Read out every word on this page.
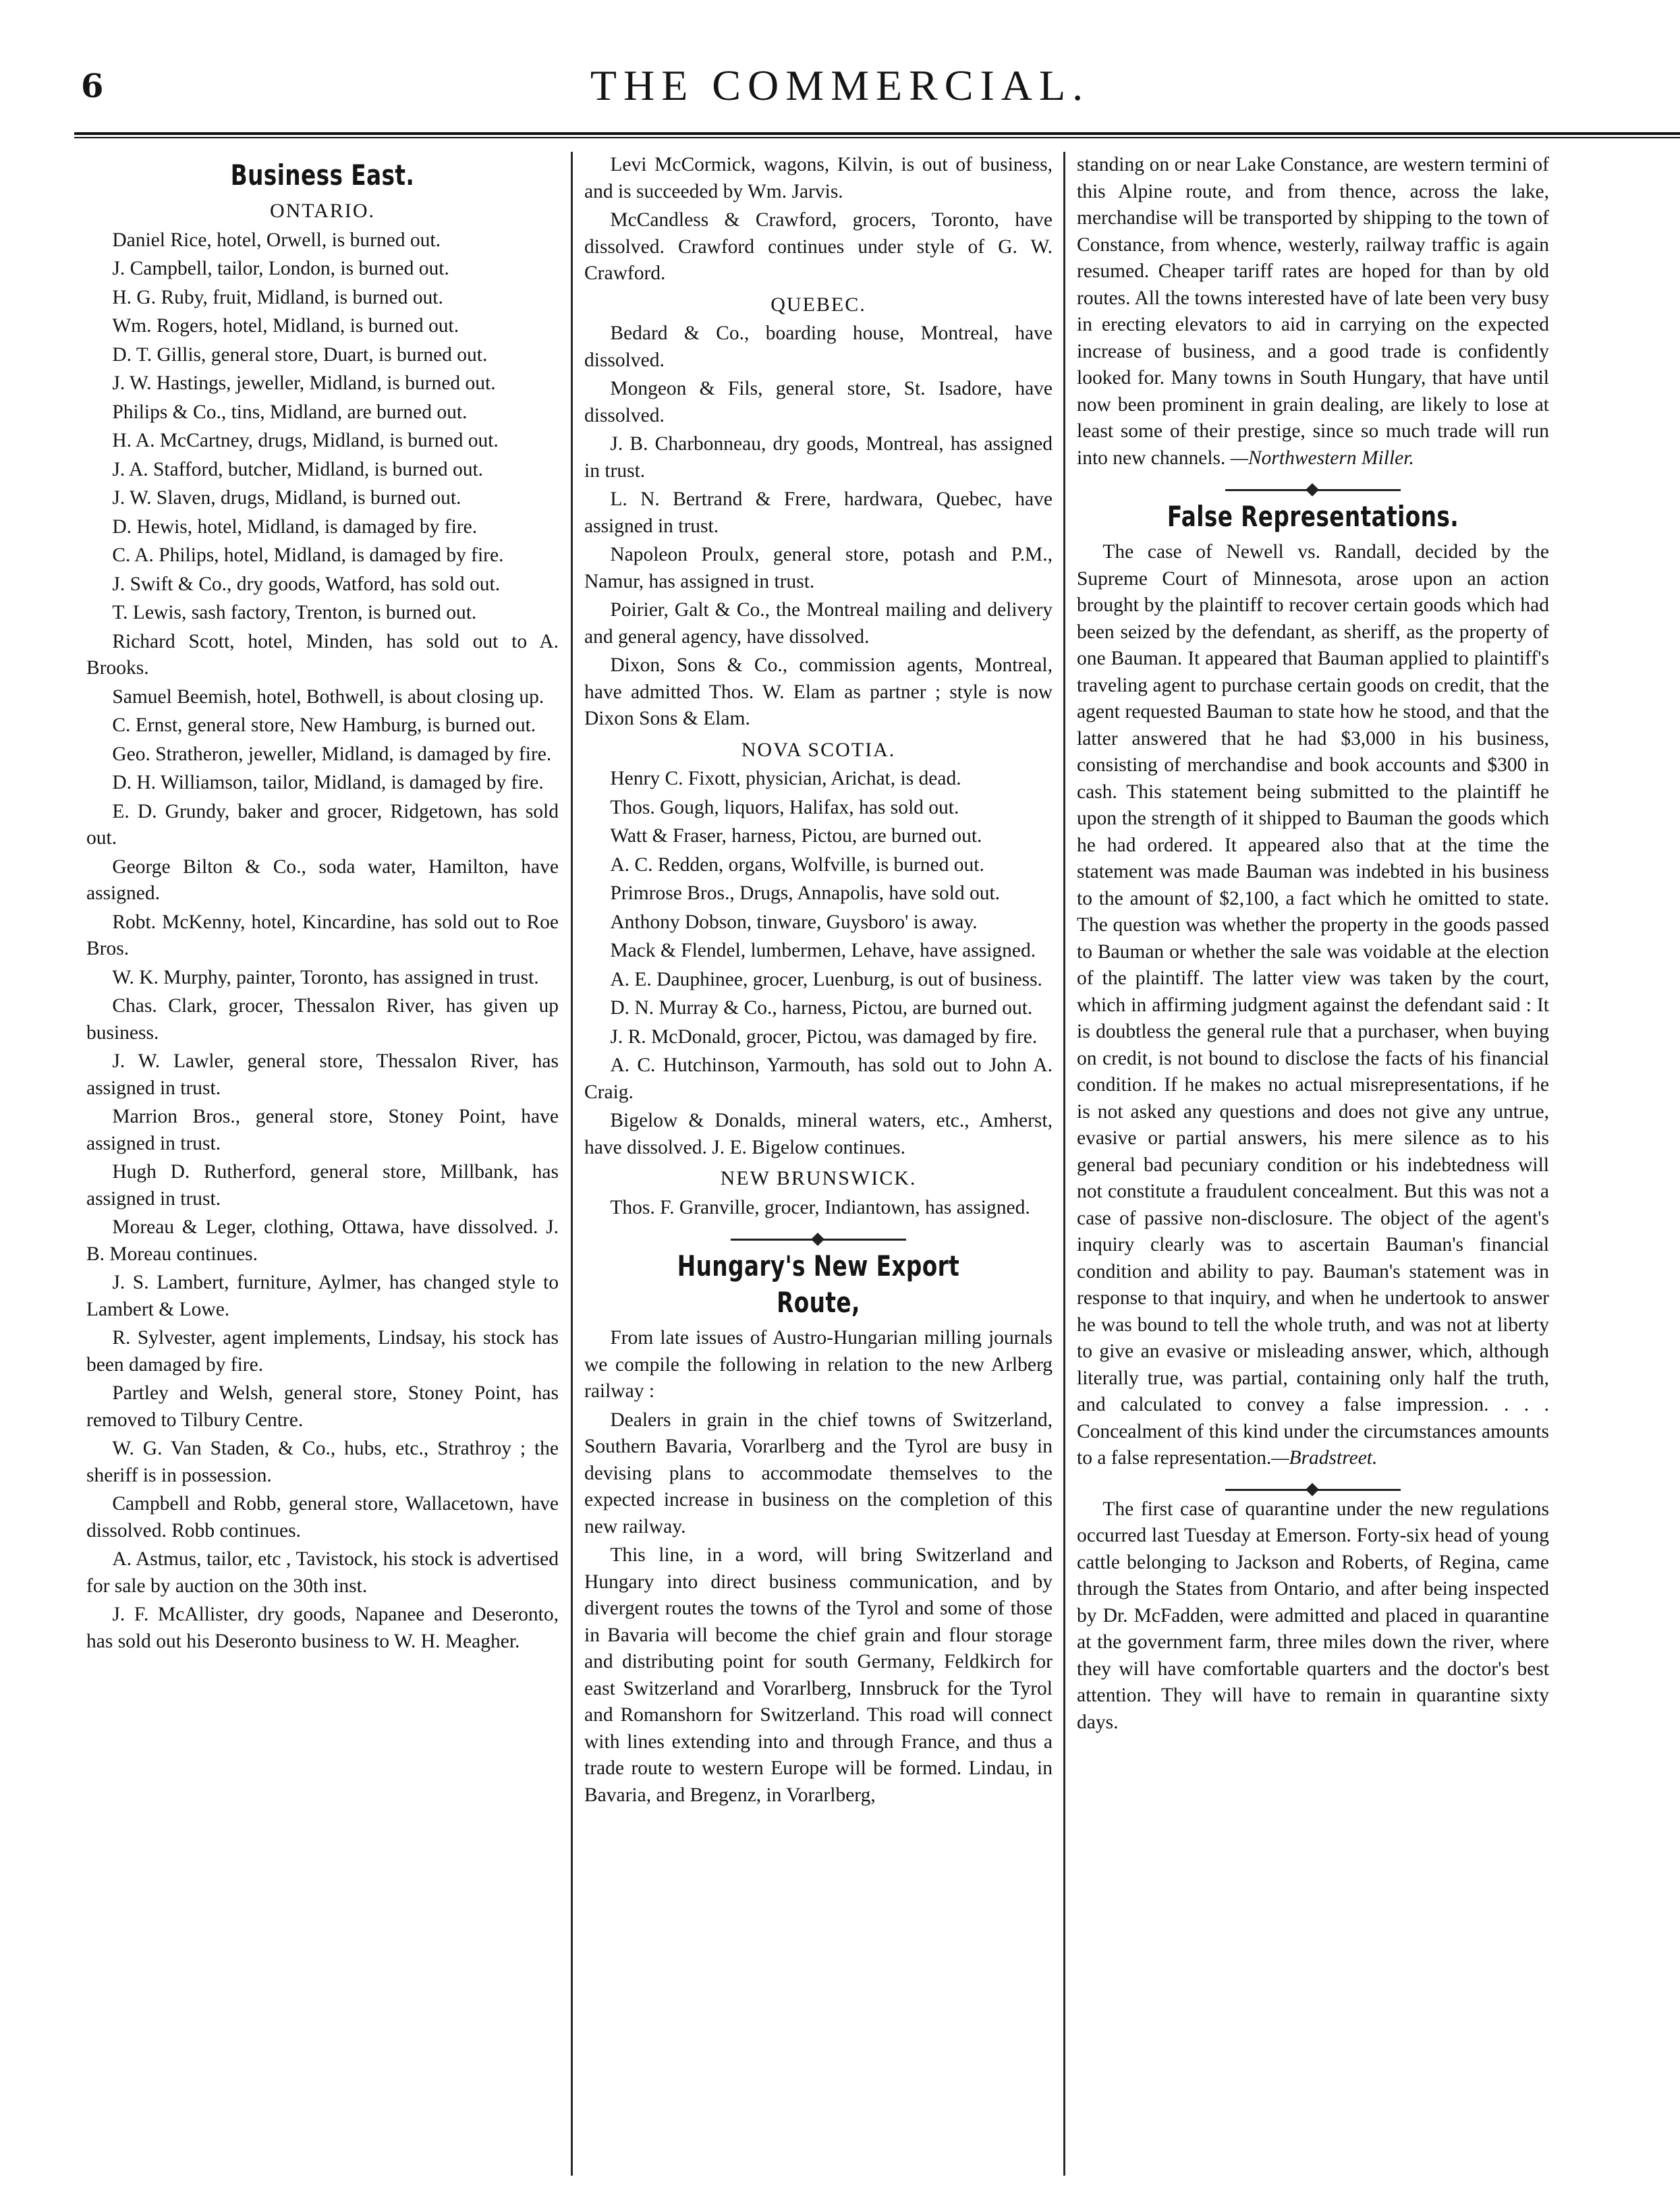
6	THE COMMERCIAL.
Business East.
ONTARIO.

Daniel Rice, hotel, Orwell, is burned out.

J. Campbell, tailor, London, is burned out.

H. G. Ruby, fruit, Midland, is burned out.

Wm. Rogers, hotel, Midland, is burned out.

D. T. Gillis, general store, Duart, is burned out.

J. W. Hastings, jeweller, Midland, is burned out.

Philips & Co., tins, Midland, are burned out.

H. A. McCartney, drugs, Midland, is burned out.

J. A. Stafford, butcher, Midland, is burned out.

J. W. Slaven, drugs, Midland, is burned out.

D. Hewis, hotel, Midland, is damaged by fire.

C. A. Philips, hotel, Midland, is damaged by fire.

J. Swift & Co., dry goods, Watford, has sold out.

T. Lewis, sash factory, Trenton, is burned out.

Richard Scott, hotel, Minden, has sold out to A. Brooks.

Samuel Beemish, hotel, Bothwell, is about closing up.

C. Ernst, general store, New Hamburg, is burned out.

Geo. Stratheron, jeweller, Midland, is damaged by fire.

D. H. Williamson, tailor, Midland, is damaged by fire.

E. D. Grundy, baker and grocer, Ridgetown, has sold out.

George Bilton & Co., soda water, Hamilton, have assigned.

Robt. McKenny, hotel, Kincardine, has sold out to Roe Bros.

W. K. Murphy, painter, Toronto, has assigned in trust.

Chas. Clark, grocer, Thessalon River, has given up business.

J. W. Lawler, general store, Thessalon River, has assigned in trust.

Marrion Bros., general store, Stoney Point, have assigned in trust.

Hugh D. Rutherford, general store, Millbank, has assigned in trust.

Moreau & Leger, clothing, Ottawa, have dissolved. J. B. Moreau continues.

J. S. Lambert, furniture, Aylmer, has changed style to Lambert & Lowe.

R. Sylvester, agent implements, Lindsay, his stock has been damaged by fire.

Partley and Welsh, general store, Stoney Point, has removed to Tilbury Centre.

W. G. Van Staden, & Co., hubs, etc., Strathroy ; the sheriff is in possession.

Campbell and Robb, general store, Wallacetown, have dissolved. Robb continues.

A. Astmus, tailor, etc , Tavistock, his stock is advertised for sale by auction on the 30th inst.

J. F. McAllister, dry goods, Napanee and Deseronto, has sold out his Deseronto business to W. H. Meagher.

Levi McCormick, wagons, Kilvin, is out of business, and is succeeded by Wm. Jarvis.

McCandless & Crawford, grocers, Toronto, have dissolved. Crawford continues under style of G. W. Crawford.

QUEBEC.

Bedard & Co., boarding house, Montreal, have dissolved.

Mongeon & Fils, general store, St. Isadore, have dissolved.

J. B. Charbonneau, dry goods, Montreal, has assigned in trust.

L. N. Bertrand & Frere, hardwara, Quebec, have assigned in trust.

Napoleon Proulx, general store, potash and P.M., Namur, has assigned in trust.

Poirier, Galt & Co., the Montreal mailing and delivery and general agency, have dissolved.

Dixon, Sons & Co., commission agents, Montreal, have admitted Thos. W. Elam as partner ; style is now Dixon Sons & Elam.

NOVA SCOTIA.

Henry C. Fixott, physician, Arichat, is dead.

Thos. Gough, liquors, Halifax, has sold out.

Watt & Fraser, harness, Pictou, are burned out.

A. C. Redden, organs, Wolfville, is burned out.

Primrose Bros., Drugs, Annapolis, have sold out.

Anthony Dobson, tinware, Guysboro' is away.

Mack & Flendel, lumbermen, Lehave, have assigned.

A. E. Dauphinee, grocer, Luenburg, is out of business.

D. N. Murray & Co., harness, Pictou, are burned out.

J. R. McDonald, grocer, Pictou, was damaged by fire.

A. C. Hutchinson, Yarmouth, has sold out to John A. Craig.

Bigelow & Donalds, mineral waters, etc., Amherst, have dissolved. J. E. Bigelow continues.

NEW BRUNSWICK.

Thos. F. Granville, grocer, Indiantown, has assigned.

Hungary's New Export Route,

From late issues of Austro-Hungarian milling journals we compile the following in relation to the new Arlberg railway :

Dealers in grain in the chief towns of Switzerland, Southern Bavaria, Vorarlberg and the Tyrol are busy in devising plans to accommodate themselves to the expected increase in business on the completion of this new railway.

This line, in a word, will bring Switzerland and Hungary into direct business communication, and by divergent routes the towns of the Tyrol and some of those in Bavaria will become the chief grain and flour storage and distributing point for south Germany, Feldkirch for east Switzerland and Vorarlberg, Innsbruck for the Tyrol and Romanshorn for Switzerland. This road will connect with lines extending into and through France, and thus a trade route to western Europe will be formed. Lindau, in Bavaria, and Bregenz, in Vorarlberg,

standing on or near Lake Constance, are western termini of this Alpine route, and from thence, across the lake, merchandise will be transported by shipping to the town of Constance, from whence, westerly, railway traffic is again resumed. Cheaper tariff rates are hoped for than by old routes. All the towns interested have of late been very busy in erecting elevators to aid in carrying on the expected increase of business, and a good trade is confidently looked for. Many towns in South Hungary, that have until now been prominent in grain dealing, are likely to lose at least some of their prestige, since so much trade will run into new channels. —Northwestern Miller.

False Representations.

The case of Newell vs. Randall, decided by the Supreme Court of Minnesota, arose upon an action brought by the plaintiff to recover certain goods which had been seized by the defendant, as sheriff, as the property of one Bauman. It appeared that Bauman applied to plaintiff's traveling agent to purchase certain goods on credit, that the agent requested Bauman to state how he stood, and that the latter answered that he had $3,000 in his business, consisting of merchandise and book accounts and $300 in cash. This statement being submitted to the plaintiff he upon the strength of it shipped to Bauman the goods which he had ordered. It appeared also that at the time the statement was made Bauman was indebted in his business to the amount of $2,100, a fact which he omitted to state. The question was whether the property in the goods passed to Bauman or whether the sale was voidable at the election of the plaintiff. The latter view was taken by the court, which in affirming judgment against the defendant said : It is doubtless the general rule that a purchaser, when buying on credit, is not bound to disclose the facts of his financial condition. If he makes no actual misrepresentations, if he is not asked any questions and does not give any untrue, evasive or partial answers, his mere silence as to his general bad pecuniary condition or his indebtedness will not constitute a fraudulent concealment. But this was not a case of passive non-disclosure. The object of the agent's inquiry clearly was to ascertain Bauman's financial condition and ability to pay. Bauman's statement was in response to that inquiry, and when he undertook to answer he was bound to tell the whole truth, and was not at liberty to give an evasive or misleading answer, which, although literally true, was partial, containing only half the truth, and calculated to convey a false impression. . . . Concealment of this kind under the circumstances amounts to a false representation.—Bradstreet.

The first case of quarantine under the new regulations occurred last Tuesday at Emerson. Forty-six head of young cattle belonging to Jackson and Roberts, of Regina, came through the States from Ontario, and after being inspected by Dr. McFadden, were admitted and placed in quarantine at the government farm, three miles down the river, where they will have comfortable quarters and the doctor's best attention. They will have to remain in quarantine sixty days.
